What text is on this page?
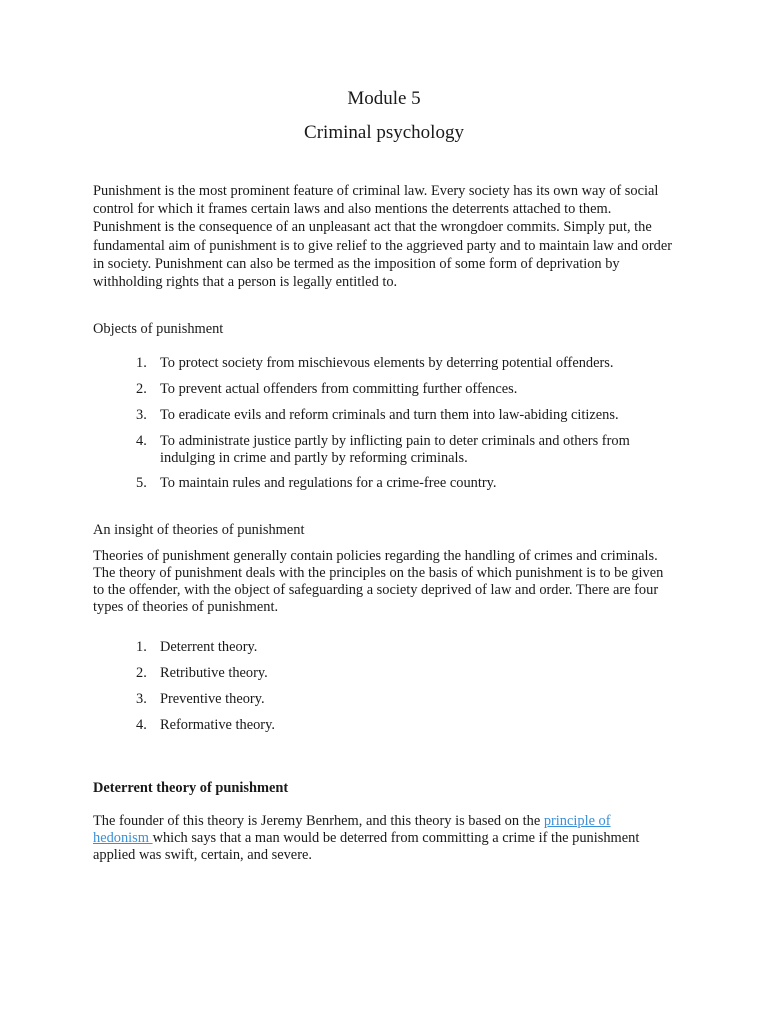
Module 5
Criminal psychology
Punishment is the most prominent feature of criminal law. Every society has its own way of social control for which it frames certain laws and also mentions the deterrents attached to them. Punishment is the consequence of an unpleasant act that the wrongdoer commits. Simply put, the fundamental aim of punishment is to give relief to the aggrieved party and to maintain law and order in society. Punishment can also be termed as the imposition of some form of deprivation by withholding rights that a person is legally entitled to.
Objects of punishment
1. To protect society from mischievous elements by deterring potential offenders.
2. To prevent actual offenders from committing further offences.
3. To eradicate evils and reform criminals and turn them into law-abiding citizens.
4. To administrate justice partly by inflicting pain to deter criminals and others from indulging in crime and partly by reforming criminals.
5. To maintain rules and regulations for a crime-free country.
An insight of theories of punishment
Theories of punishment generally contain policies regarding the handling of crimes and criminals. The theory of punishment deals with the principles on the basis of which punishment is to be given to the offender, with the object of safeguarding a society deprived of law and order. There are four types of theories of punishment.
1. Deterrent theory.
2. Retributive theory.
3. Preventive theory.
4. Reformative theory.
Deterrent theory of punishment
The founder of this theory is Jeremy Benrhem, and this theory is based on the principle of hedonism which says that a man would be deterred from committing a crime if the punishment applied was swift, certain, and severe.
